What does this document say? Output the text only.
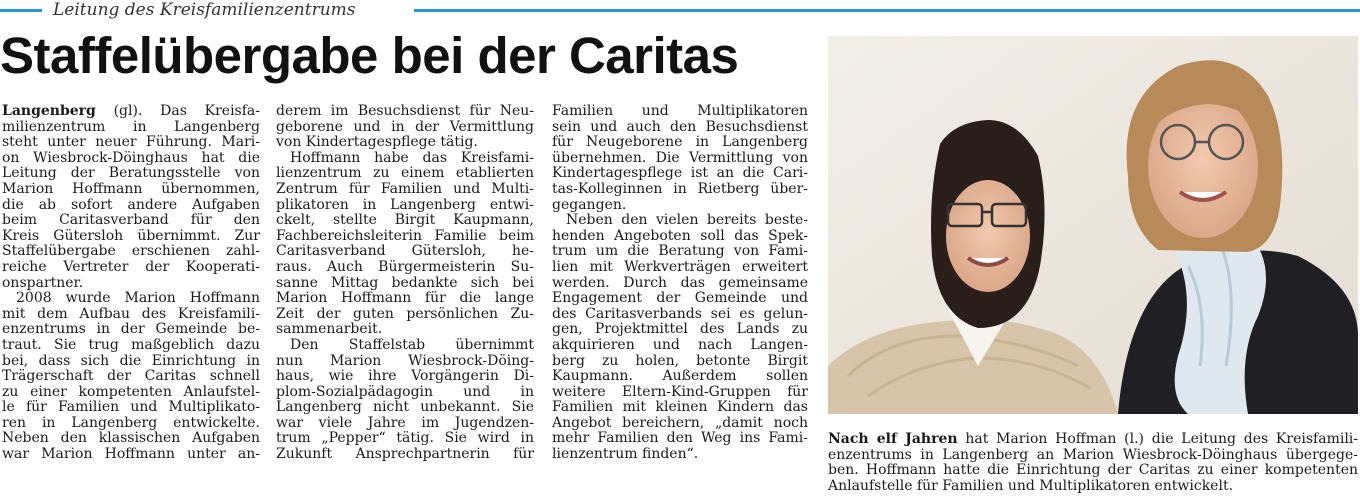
Leitung des Kreisfamilienzentrums
Staffelübergabe bei der Caritas
Langenberg (gl). Das Kreisfa-
milienzentrum in Langenberg
steht unter neuer Führung. Mari-
on Wiesbrock-Döinghaus hat die
Leitung der Beratungsstelle von
Marion Hoffmann übernommen,
die ab sofort andere Aufgaben
beim Caritasverband für den
Kreis Gütersloh übernimmt. Zur
Staffelübergabe erschienen zahl-
reiche Vertreter der Kooperati-
onspartner.
2008 wurde Marion Hoffmann
mit dem Aufbau des Kreisfamili-
enzentrums in der Gemeinde be-
traut. Sie trug maßgeblich dazu
bei, dass sich die Einrichtung in
Trägerschaft der Caritas schnell
zu einer kompetenten Anlaufstel-
le für Familien und Multiplikato-
ren in Langenberg entwickelte.
Neben den klassischen Aufgaben
war Marion Hoffmann unter an-
derem im Besuchsdienst für Neu-
geborene und in der Vermittlung
von Kindertagespflege tätig.
Hoffmann habe das Kreisfami-
lienzentrum zu einem etablierten
Zentrum für Familien und Multi-
plikatoren in Langenberg entwi-
ckelt, stellte Birgit Kaupmann,
Fachbereichsleiterin Familie beim
Caritasverband Gütersloh, he-
raus. Auch Bürgermeisterin Su-
sanne Mittag bedankte sich bei
Marion Hoffmann für die lange
Zeit der guten persönlichen Zu-
sammenarbeit.
Den Staffelstab übernimmt
nun Marion Wiesbrock-Döing-
haus, wie ihre Vorgängerin Di-
plom-Sozialpädagogin und in
Langenberg nicht unbekannt. Sie
war viele Jahre im Jugendzen-
trum „Pepper“ tätig. Sie wird in
Zukunft Ansprechpartnerin für
Familien und Multiplikatoren
sein und auch den Besuchsdienst
für Neugeborene in Langenberg
übernehmen. Die Vermittlung von
Kindertagespflege ist an die Cari-
tas-Kolleginnen in Rietberg über-
gegangen.
Neben den vielen bereits beste-
henden Angeboten soll das Spek-
trum um die Beratung von Fami-
lien mit Werkverträgen erweitert
werden. Durch das gemeinsame
Engagement der Gemeinde und
des Caritasverbands sei es gelun-
gen, Projektmittel des Lands zu
akquirieren und nach Langen-
berg zu holen, betonte Birgit
Kaupmann. Außerdem sollen
weitere Eltern-Kind-Gruppen für
Familien mit kleinen Kindern das
Angebot bereichern, „damit noch
mehr Familien den Weg ins Fami-
lienzentrum finden“.
Nach elf Jahren hat Marion Hoffman (l.) die Leitung des Kreisfamili-
enzentrums in Langenberg an Marion Wiesbrock-Döinghaus übergege-
ben. Hoffmann hatte die Einrichtung der Caritas zu einer kompetenten
Anlaufstelle für Familien und Multiplikatoren entwickelt.
